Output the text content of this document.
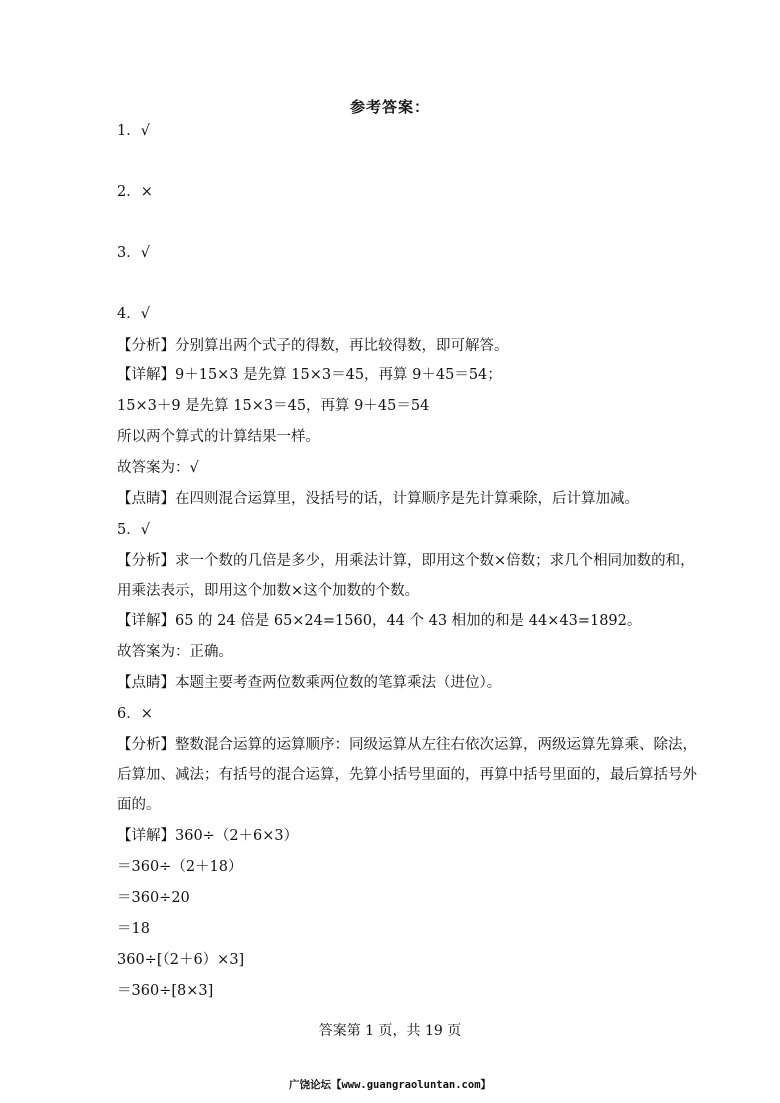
参考答案：
1．√
2．×
3．√
4．√
【分析】分别算出两个式子的得数，再比较得数，即可解答。
【详解】9＋15×3 是先算 15×3＝45，再算 9＋45＝54；
15×3＋9 是先算 15×3＝45，再算 9＋45＝54
所以两个算式的计算结果一样。
故答案为：√
【点睛】在四则混合运算里，没括号的话，计算顺序是先计算乘除，后计算加减。
5．√
【分析】求一个数的几倍是多少，用乘法计算，即用这个数×倍数；求几个相同加数的和，
用乘法表示，即用这个加数×这个加数的个数。
【详解】65 的 24 倍是 65×24=1560，44 个 43 相加的和是 44×43=1892。
故答案为：正确。
【点睛】本题主要考查两位数乘两位数的笔算乘法（进位）。
6．×
【分析】整数混合运算的运算顺序：同级运算从左往右依次运算，两级运算先算乘、除法，
后算加、减法；有括号的混合运算，先算小括号里面的，再算中括号里面的，最后算括号外
面的。
【详解】360÷（2＋6×3）
＝360÷（2＋18）
＝360÷20
＝18
360÷[（2＋6）×3]
＝360÷[8×3]
答案第 1 页，共 19 页
广饶论坛【www.guangraoluntan.com】
